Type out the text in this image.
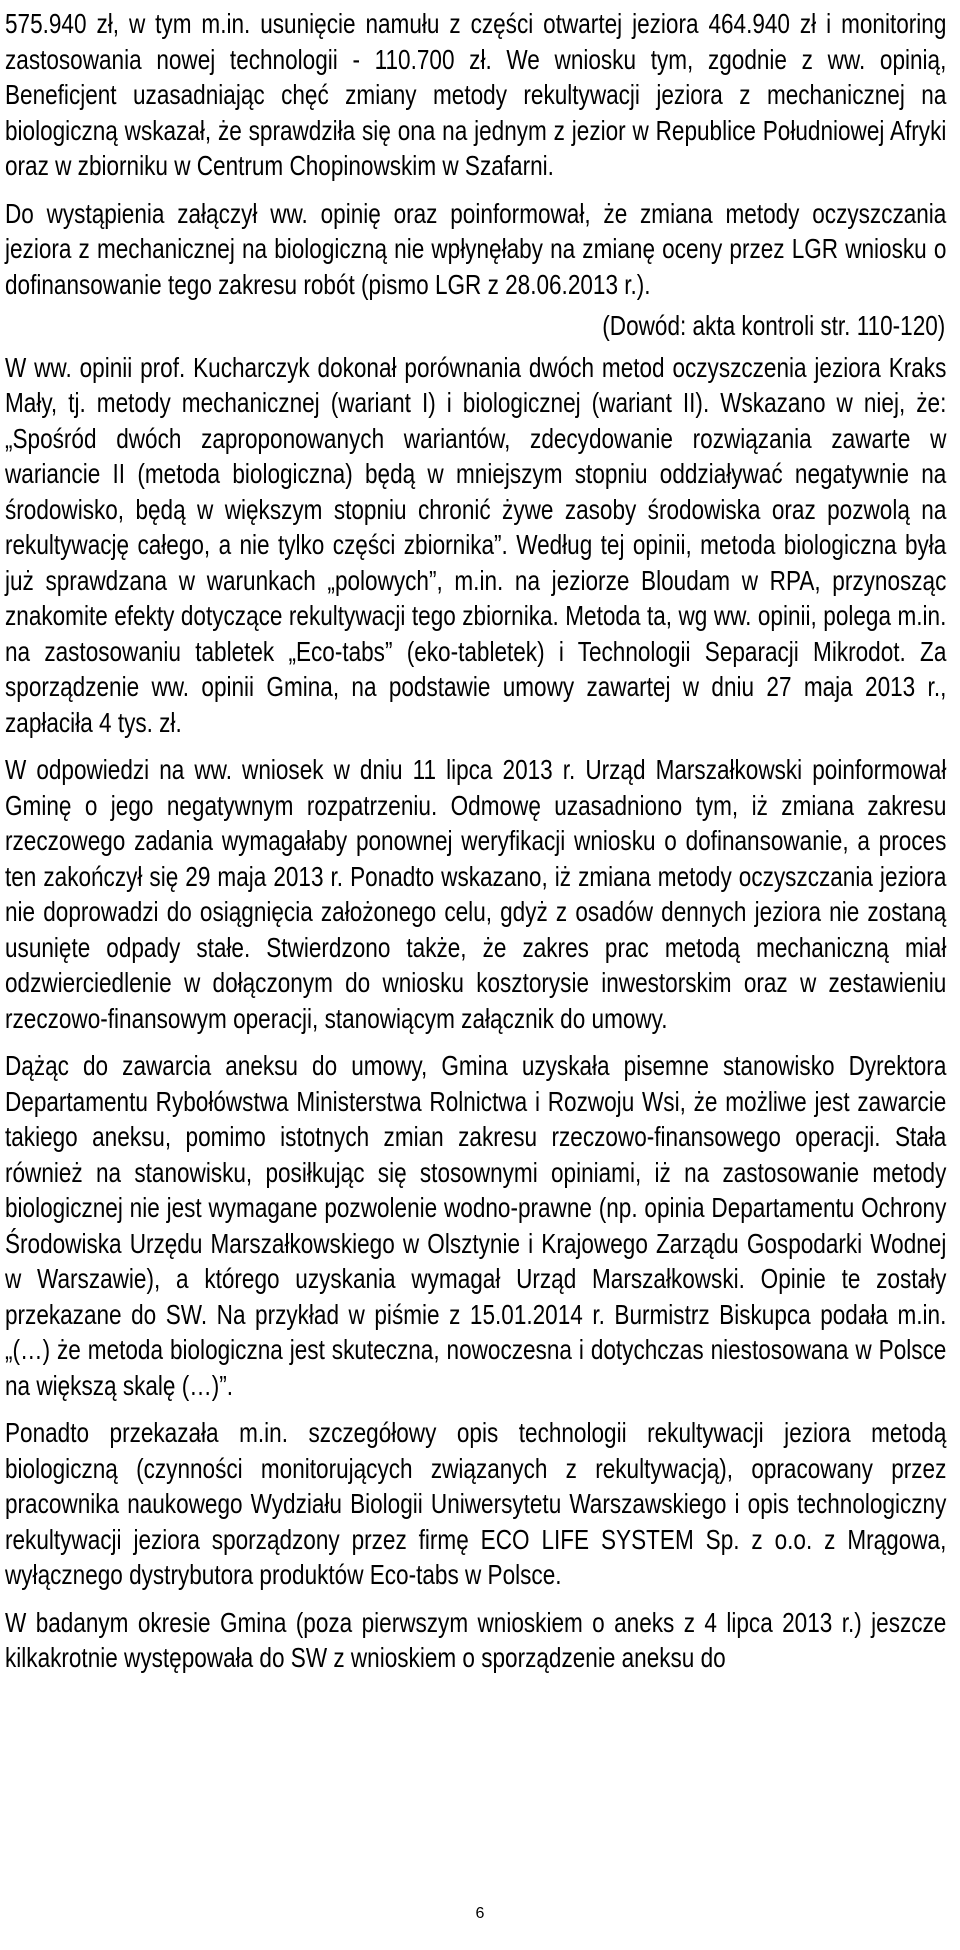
575.940 zł, w tym m.in. usunięcie namułu z części otwartej jeziora 464.940 zł i monitoring zastosowania nowej technologii - 110.700 zł. We wniosku tym, zgodnie z ww. opinią, Beneficjent uzasadniając chęć zmiany metody rekultywacji jeziora z mechanicznej na biologiczną wskazał, że sprawdziła się ona na jednym z jezior w Republice Południowej Afryki oraz w zbiorniku w Centrum Chopinowskim w Szafarni.

Do wystąpienia załączył ww. opinię oraz poinformował, że zmiana metody oczyszczania jeziora z mechanicznej na biologiczną nie wpłynęłaby na zmianę oceny przez LGR wniosku o dofinansowanie tego zakresu robót (pismo LGR z 28.06.2013 r.).

(Dowód: akta kontroli str. 110-120)

W ww. opinii prof. Kucharczyk dokonał porównania dwóch metod oczyszczenia jeziora Kraks Mały, tj. metody mechanicznej (wariant I) i biologicznej (wariant II). Wskazano w niej, że: „Spośród dwóch zaproponowanych wariantów, zdecydowanie rozwiązania zawarte w wariancie II (metoda biologiczna) będą w mniejszym stopniu oddziaływać negatywnie na środowisko, będą w większym stopniu chronić żywe zasoby środowiska oraz pozwolą na rekultywację całego, a nie tylko części zbiornika”. Według tej opinii, metoda biologiczna była już sprawdzana w warunkach „polowych”, m.in. na jeziorze Bloudam w RPA, przynosząc znakomite efekty dotyczące rekultywacji tego zbiornika. Metoda ta, wg ww. opinii, polega m.in. na zastosowaniu tabletek „Eco-tabs” (eko-tabletek) i Technologii Separacji Mikrodot. Za sporządzenie ww. opinii Gmina, na podstawie umowy zawartej w dniu 27 maja 2013 r., zapłaciła 4 tys. zł.

W odpowiedzi na ww. wniosek w dniu 11 lipca 2013 r. Urząd Marszałkowski poinformował Gminę o jego negatywnym rozpatrzeniu. Odmowę uzasadniono tym, iż zmiana zakresu rzeczowego zadania wymagałaby ponownej weryfikacji wniosku o dofinansowanie, a proces ten zakończył się 29 maja 2013 r. Ponadto wskazano, iż zmiana metody oczyszczania jeziora nie doprowadzi do osiągnięcia założonego celu, gdyż z osadów dennych jeziora nie zostaną usunięte odpady stałe. Stwierdzono także, że zakres prac metodą mechaniczną miał odzwierciedlenie w dołączonym do wniosku kosztorysie inwestorskim oraz w zestawieniu rzeczowo-finansowym operacji, stanowiącym załącznik do umowy.

Dążąc do zawarcia aneksu do umowy, Gmina uzyskała pisemne stanowisko Dyrektora Departamentu Rybołówstwa Ministerstwa Rolnictwa i Rozwoju Wsi, że możliwe jest zawarcie takiego aneksu, pomimo istotnych zmian zakresu rzeczowo-finansowego operacji. Stała również na stanowisku, posiłkując się stosownymi opiniami, iż na zastosowanie metody biologicznej nie jest wymagane pozwolenie wodno-prawne (np. opinia Departamentu Ochrony Środowiska Urzędu Marszałkowskiego w Olsztynie i Krajowego Zarządu Gospodarki Wodnej w Warszawie), a którego uzyskania wymagał Urząd Marszałkowski. Opinie te zostały przekazane do SW. Na przykład w piśmie z 15.01.2014 r. Burmistrz Biskupca podała m.in. „(…) że metoda biologiczna jest skuteczna, nowoczesna i dotychczas niestosowana w Polsce na większą skalę (…)”.

Ponadto przekazała m.in. szczegółowy opis technologii rekultywacji jeziora metodą biologiczną (czynności monitorujących związanych z rekultywacją), opracowany przez pracownika naukowego Wydziału Biologii Uniwersytetu Warszawskiego i opis technologiczny rekultywacji jeziora sporządzony przez firmę ECO LIFE SYSTEM Sp. z o.o. z Mrągowa, wyłącznego dystrybutora produktów Eco-tabs w Polsce.

W badanym okresie Gmina (poza pierwszym wnioskiem o aneks z 4 lipca 2013 r.) jeszcze kilkakrotnie występowała do SW z wnioskiem o sporządzenie aneksu do

6
